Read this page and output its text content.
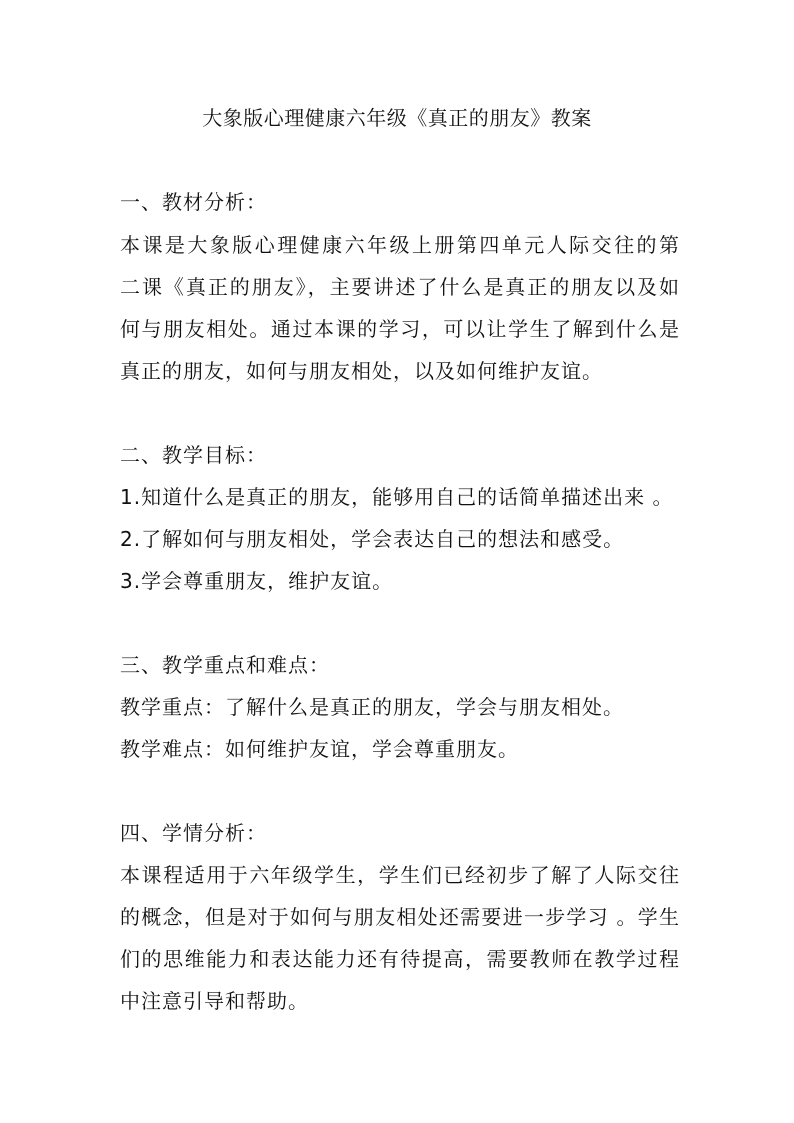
大象版心理健康六年级《真正的朋友》教案
一、教材分析：
本课是大象版心理健康六年级上册第四单元人际交往的第
二课《真正的朋友》，主要讲述了什么是真正的朋友以及如
何与朋友相处。通过本课的学习，可以让学生了解到什么是
真正的朋友，如何与朋友相处，以及如何维护友谊。
二、教学目标：
1.知道什么是真正的朋友，能够用自己的话简单描述出来 。
2.了解如何与朋友相处，学会表达自己的想法和感受。
3.学会尊重朋友，维护友谊。
三、教学重点和难点：
教学重点：了解什么是真正的朋友，学会与朋友相处。
教学难点：如何维护友谊，学会尊重朋友。
四、学情分析：
本课程适用于六年级学生，学生们已经初步了解了人际交往
的概念，但是对于如何与朋友相处还需要进一步学习 。学生
们的思维能力和表达能力还有待提高，需要教师在教学过程
中注意引导和帮助。
